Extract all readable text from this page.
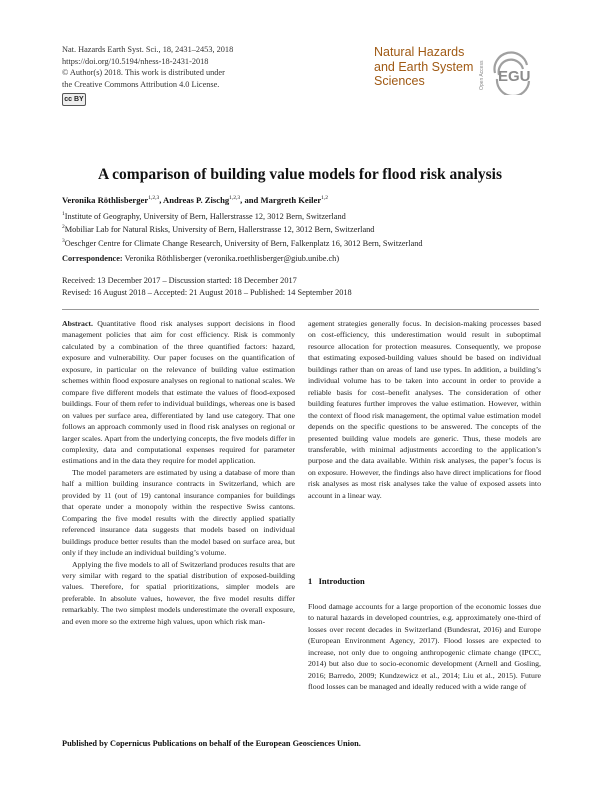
Nat. Hazards Earth Syst. Sci., 18, 2431–2453, 2018
https://doi.org/10.5194/nhess-18-2431-2018
© Author(s) 2018. This work is distributed under
the Creative Commons Attribution 4.0 License.
cc
BY
Natural Hazards
and Earth System
Sciences	Open Access EGU
A comparison of building value models for flood risk analysis
Veronika Röthlisberger$^{1,2,3}$, Andreas P. Zischg$^{1,2,3}$, and Margreth Keiler$^{1,2}$
$^1$Institute of Geography, University of Bern, Hallerstrasse 12, 3012 Bern, Switzerland
$^2$Mobiliar Lab for Natural Risks, University of Bern, Hallerstrasse 12, 3012 Bern, Switzerland
$^3$Oeschger Centre for Climate Change Research, University of Bern, Falkenplatz 16, 3012 Bern, Switzerland
Correspondence: Veronika Röthlisberger (veronika.roethlisberger@giub.unibe.ch)
Received: 13 December 2017 – Discussion started: 18 December 2017
Revised: 16 August 2018 – Accepted: 21 August 2018 – Published: 14 September 2018

Abstract. Quantitative flood risk analyses support decisions in flood management policies that aim for cost efficiency. Risk is commonly calculated by a combination of the three quantified factors: hazard, exposure and vulnerability. Our paper focuses on the quantification of exposure, in particular on the relevance of building value estimation schemes within flood exposure analyses on regional to national scales. We compare five different models that estimate the values of flood-exposed buildings. Four of them refer to individual buildings, whereas one is based on values per surface area, differentiated by land use category. That one follows an approach commonly used in flood risk analyses on regional or larger scales. Apart from the underlying concepts, the five models differ in complexity, data and computational expenses required for parameter estimations and in the data they require for model application.

The model parameters are estimated by using a database of more than half a million building insurance contracts in Switzerland, which are provided by 11 (out of 19) cantonal insurance companies for buildings that operate under a monopoly within the respective Swiss cantons. Comparing the five model results with the directly applied spatially referenced insurance data suggests that models based on individual buildings produce better results than the model based on surface area, but only if they include an individual building’s volume.

Applying the five models to all of Switzerland produces results that are very similar with regard to the spatial distribution of exposed-building values. Therefore, for spatial prioritizations, simpler models are preferable. In absolute values, however, the five model results differ remarkably. The two simplest models underestimate the overall exposure, and even more so the extreme high values, upon which risk man-

agement strategies generally focus. In decision-making processes based on cost-efficiency, this underestimation would result in suboptimal resource allocation for protection measures. Consequently, we propose that estimating exposed-building values should be based on individual buildings rather than on areas of land use types. In addition, a building’s individual volume has to be taken into account in order to provide a reliable basis for cost–benefit analyses. The consideration of other building features further improves the value estimation. However, within the context of flood risk management, the optimal value estimation model depends on the specific questions to be answered. The concepts of the presented building value models are generic. Thus, these models are transferable, with minimal adjustments according to the application’s purpose and the data available. Within risk analyses, the paper’s focus is on exposure. However, the findings also have direct implications for flood risk analyses as most risk analyses take the value of exposed assets into account in a linear way.

1 Introduction

Flood damage accounts for a large proportion of the economic losses due to natural hazards in developed countries, e.g. approximately one-third of losses over recent decades in Switzerland (Bundesrat, 2016) and Europe (European Environment Agency, 2017). Flood losses are expected to increase, not only due to ongoing anthropogenic climate change (IPCC, 2014) but also due to socio-economic development (Arnell and Gosling, 2016; Barredo, 2009; Kundzewicz et al., 2014; Liu et al., 2015). Future flood losses can be managed and ideally reduced with a wide range of

Published by Copernicus Publications on behalf of the European Geosciences Union.
